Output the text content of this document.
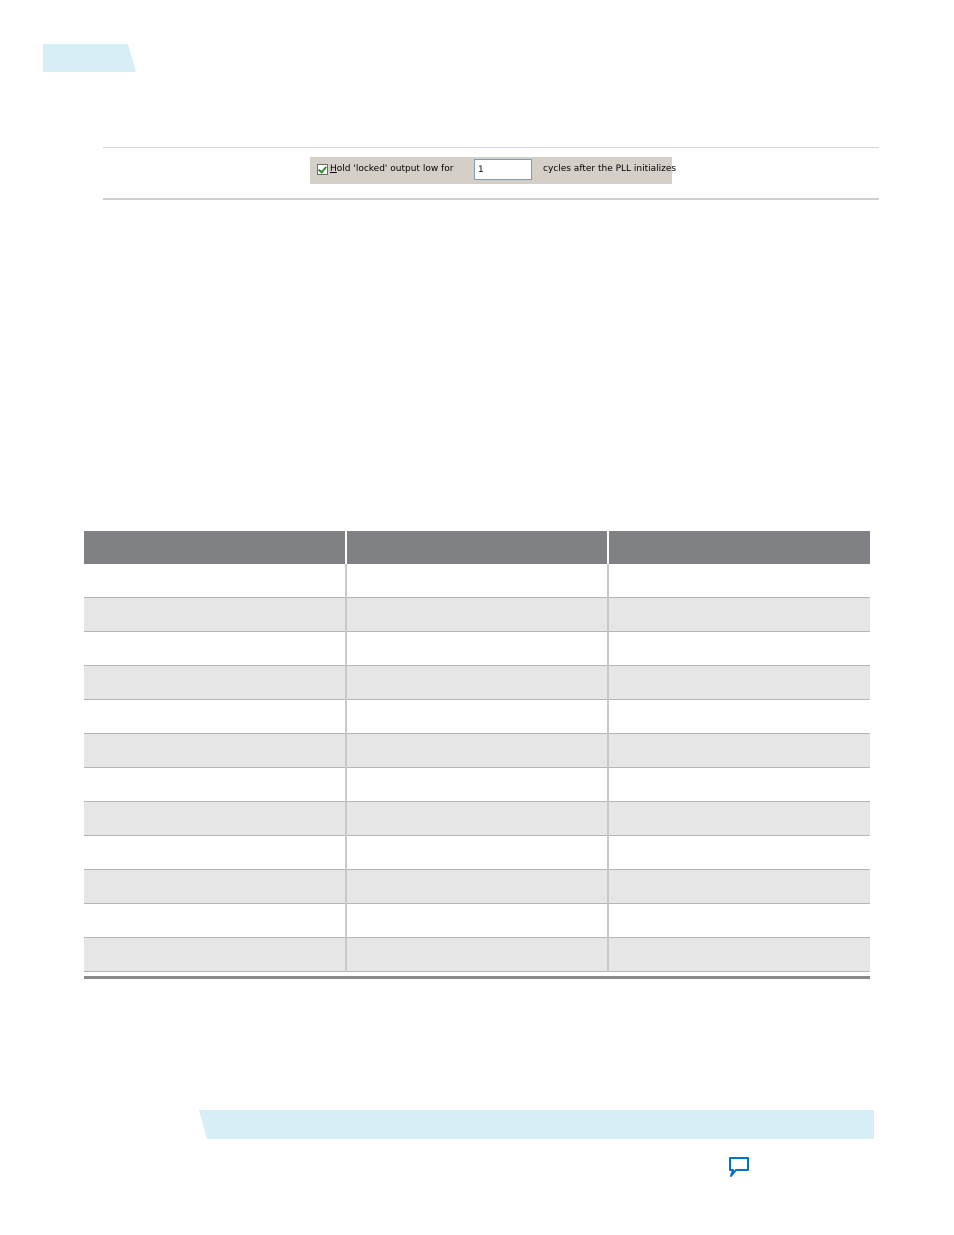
Hold 'locked' output low for
1	cycles after the PLL initializes
